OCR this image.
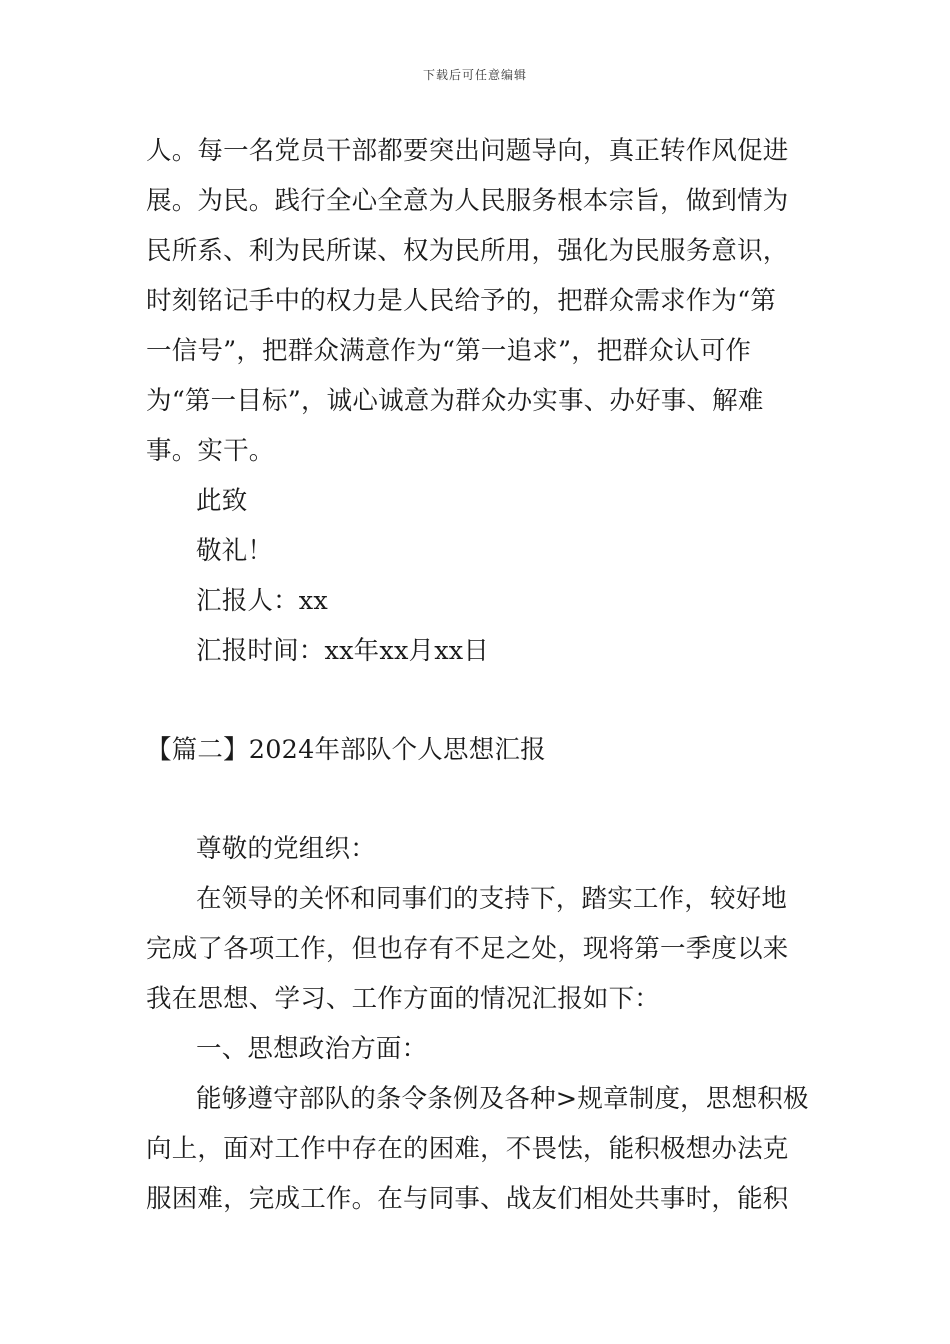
下载后可任意编辑
人。每一名党员干部都要突出问题导向，真正转作风促进
展。为民。践行全心全意为人民服务根本宗旨，做到情为
民所系、利为民所谋、权为民所用，强化为民服务意识，
时刻铭记手中的权力是人民给予的，把群众需求作为“第
一信号”，把群众满意作为“第一追求”，把群众认可作
为“第一目标”，诚心诚意为群众办实事、办好事、解难
事。实干。
此致
敬礼！
汇报人：xx
汇报时间：xx年xx月xx日
【篇二】2024年部队个人思想汇报
尊敬的党组织：
在领导的关怀和同事们的支持下，踏实工作，较好地
完成了各项工作，但也存有不足之处，现将第一季度以来
我在思想、学习、工作方面的情况汇报如下：
一、思想政治方面：
能够遵守部队的条令条例及各种>规章制度，思想积极
向上，面对工作中存在的困难，不畏怯，能积极想办法克
服困难，完成工作。在与同事、战友们相处共事时，能积
